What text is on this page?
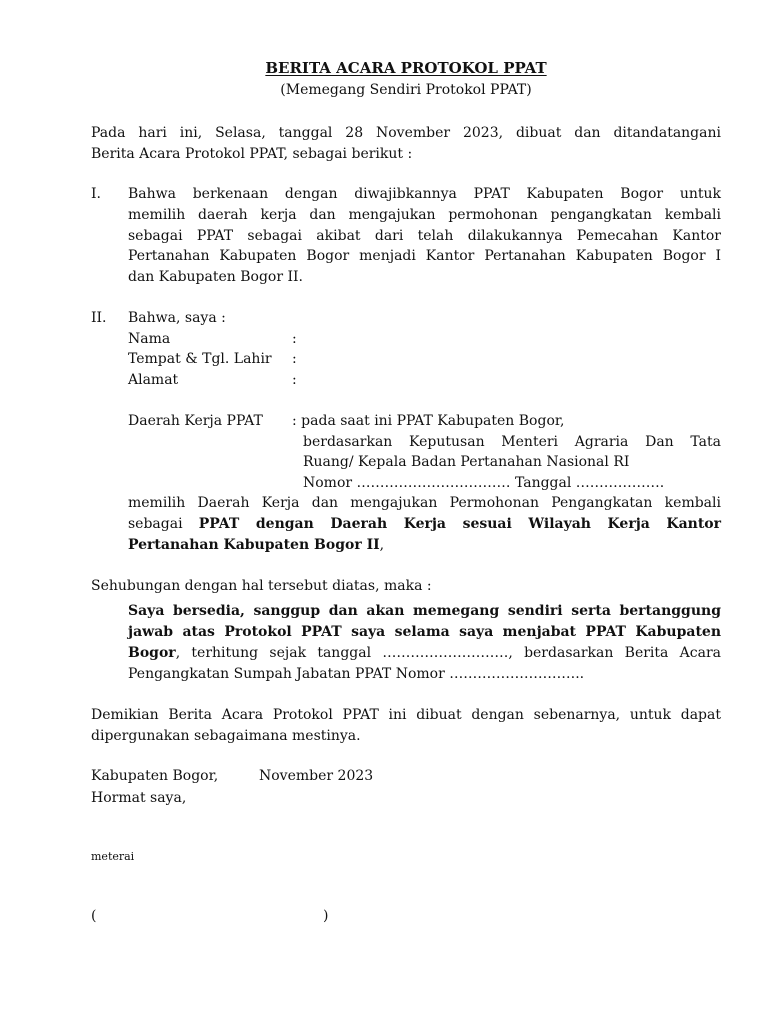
BERITA ACARA PROTOKOL PPAT
(Memegang Sendiri Protokol PPAT)
Pada hari ini, Selasa, tanggal 28 November 2023, dibuat dan ditandatangani
Berita Acara Protokol PPAT, sebagai berikut :
I. Bahwa berkenaan dengan diwajibkannya PPAT Kabupaten Bogor untuk
memilih daerah kerja dan mengajukan permohonan pengangkatan kembali
sebagai PPAT sebagai akibat dari telah dilakukannya Pemecahan Kantor
Pertanahan Kabupaten Bogor menjadi Kantor Pertanahan Kabupaten Bogor I
dan Kabupaten Bogor II.
II. Bahwa, saya :
Nama	:
Tempat & Tgl. Lahir :
Alamat	:
Daerah Kerja PPAT : pada saat ini PPAT Kabupaten Bogor,
berdasarkan Keputusan Menteri Agraria Dan Tata
Ruang/ Kepala Badan Pertanahan Nasional RI
Nomor …………………………… Tanggal ……………….
memilih Daerah Kerja dan mengajukan Permohonan Pengangkatan kembali
sebagai PPAT dengan Daerah Kerja sesuai Wilayah Kerja Kantor
Pertanahan Kabupaten Bogor II,
Sehubungan dengan hal tersebut diatas, maka :
Saya bersedia, sanggup dan akan memegang sendiri serta bertanggung
jawab atas Protokol PPAT saya selama saya menjabat PPAT Kabupaten
Bogor, terhitung sejak tanggal ………………………, berdasarkan Berita Acara
Pengangkatan Sumpah Jabatan PPAT Nomor ………………………..
Demikian Berita Acara Protokol PPAT ini dibuat dengan sebenarnya, untuk dapat
dipergunakan sebagaimana mestinya.
Kabupaten Bogor,	November 2023
Hormat saya,
meterai
(	)
